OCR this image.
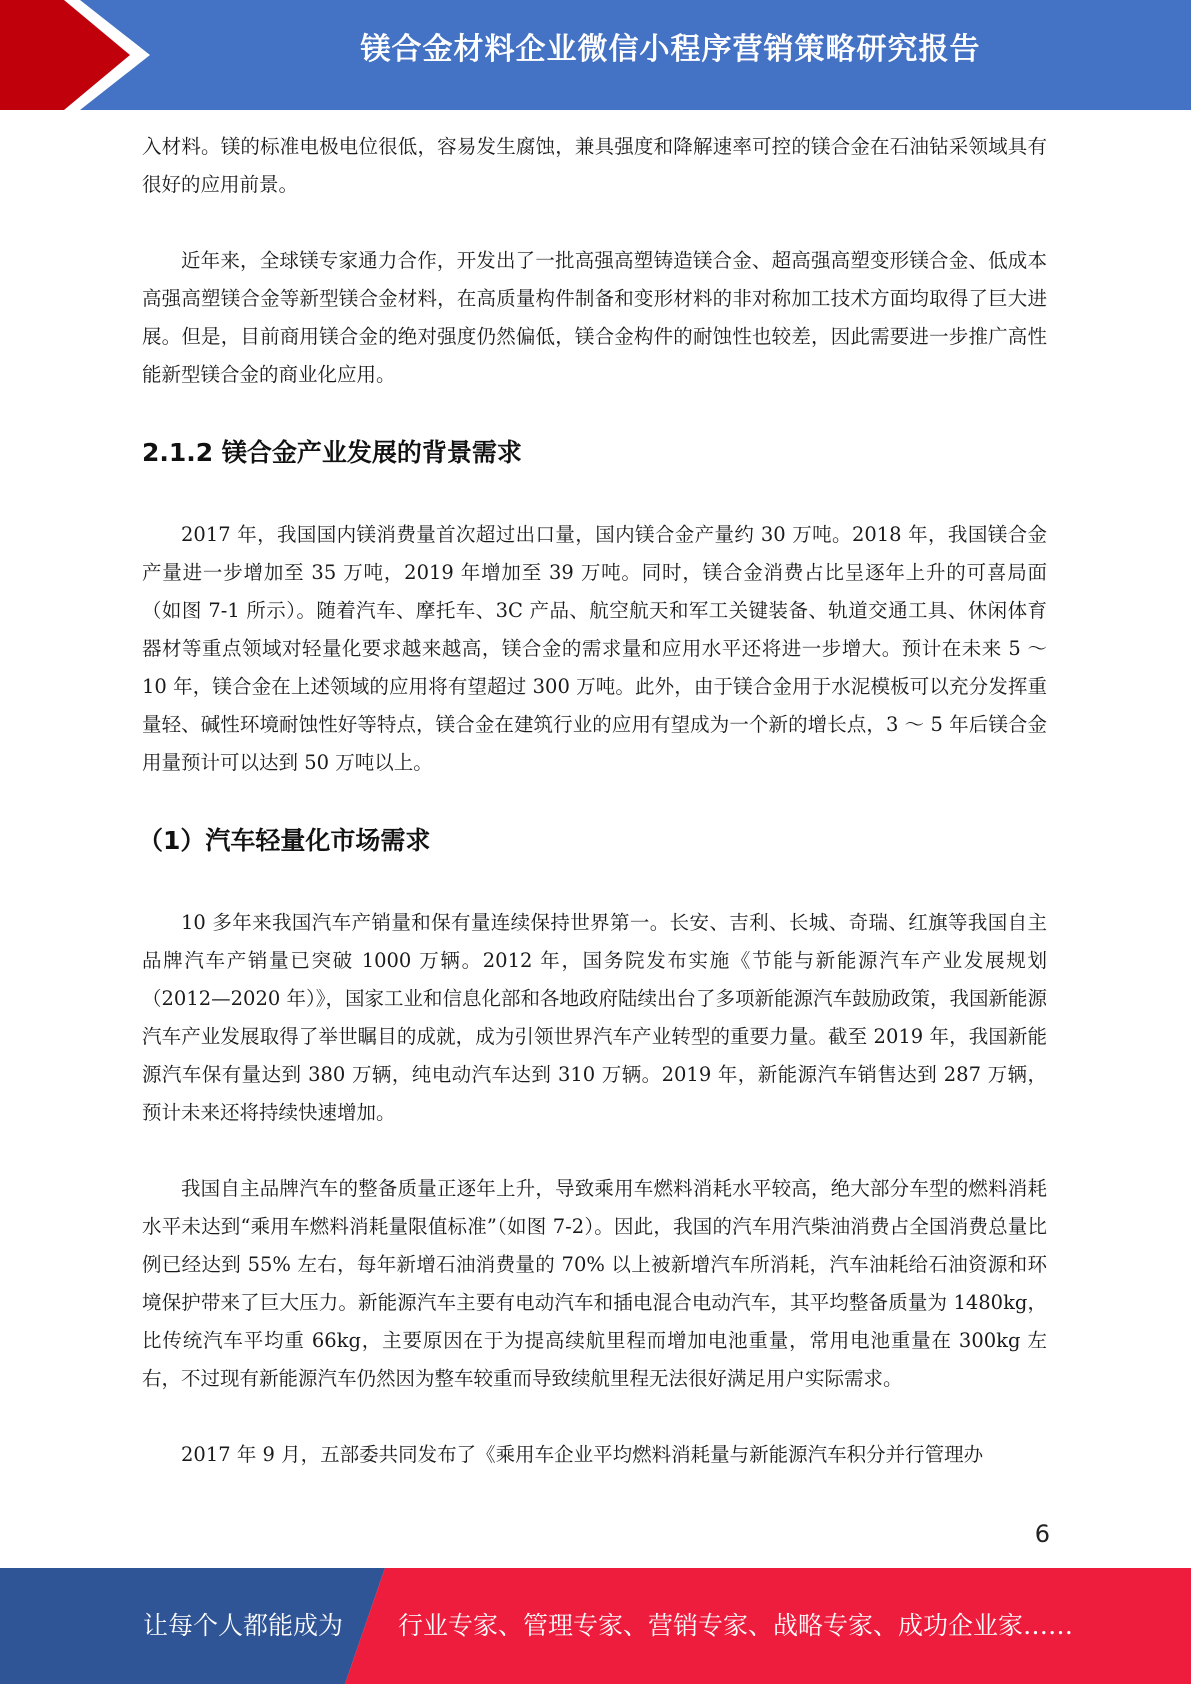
镁合金材料企业微信小程序营销策略研究报告

入材料。镁的标准电极电位很低，容易发生腐蚀，兼具强度和降解速率可控的镁合金在石油钻采领域具有很好的应用前景。

近年来，全球镁专家通力合作，开发出了一批高强高塑铸造镁合金、超高强高塑变形镁合金、低成本高强高塑镁合金等新型镁合金材料，在高质量构件制备和变形材料的非对称加工技术方面均取得了巨大进展。但是，目前商用镁合金的绝对强度仍然偏低，镁合金构件的耐蚀性也较差，因此需要进一步推广高性能新型镁合金的商业化应用。

2.1.2 镁合金产业发展的背景需求

2017 年，我国国内镁消费量首次超过出口量，国内镁合金产量约 30 万吨。2018 年，我国镁合金产量进一步增加至 35 万吨，2019 年增加至 39 万吨。同时，镁合金消费占比呈逐年上升的可喜局面（如图 7-1 所示）。随着汽车、摩托车、3C 产品、航空航天和军工关键装备、轨道交通工具、休闲体育器材等重点领域对轻量化要求越来越高，镁合金的需求量和应用水平还将进一步增大。预计在未来 5 ～ 10 年，镁合金在上述领域的应用将有望超过 300 万吨。此外，由于镁合金用于水泥模板可以充分发挥重量轻、碱性环境耐蚀性好等特点，镁合金在建筑行业的应用有望成为一个新的增长点，3 ～ 5 年后镁合金用量预计可以达到 50 万吨以上。

（1）汽车轻量化市场需求

10 多年来我国汽车产销量和保有量连续保持世界第一。长安、吉利、长城、奇瑞、红旗等我国自主品牌汽车产销量已突破 1000 万辆。2012 年，国务院发布实施《节能与新能源汽车产业发展规划（2012—2020 年）》，国家工业和信息化部和各地政府陆续出台了多项新能源汽车鼓励政策，我国新能源汽车产业发展取得了举世瞩目的成就，成为引领世界汽车产业转型的重要力量。截至 2019 年，我国新能源汽车保有量达到 380 万辆，纯电动汽车达到 310 万辆。2019 年，新能源汽车销售达到 287 万辆，预计未来还将持续快速增加。

我国自主品牌汽车的整备质量正逐年上升，导致乘用车燃料消耗水平较高，绝大部分车型的燃料消耗水平未达到“乘用车燃料消耗量限值标准”（如图 7-2）。因此，我国的汽车用汽柴油消费占全国消费总量比例已经达到 55% 左右，每年新增石油消费量的 70% 以上被新增汽车所消耗，汽车油耗给石油资源和环境保护带来了巨大压力。新能源汽车主要有电动汽车和插电混合电动汽车，其平均整备质量为 1480kg，比传统汽车平均重 66kg，主要原因在于为提高续航里程而增加电池重量，常用电池重量在 300kg 左右，不过现有新能源汽车仍然因为整车较重而导致续航里程无法很好满足用户实际需求。

2017 年 9 月，五部委共同发布了《乘用车企业平均燃料消耗量与新能源汽车积分并行管理办

6
让每个人都能成为 行业专家、管理专家、营销专家、战略专家、成功企业家……
